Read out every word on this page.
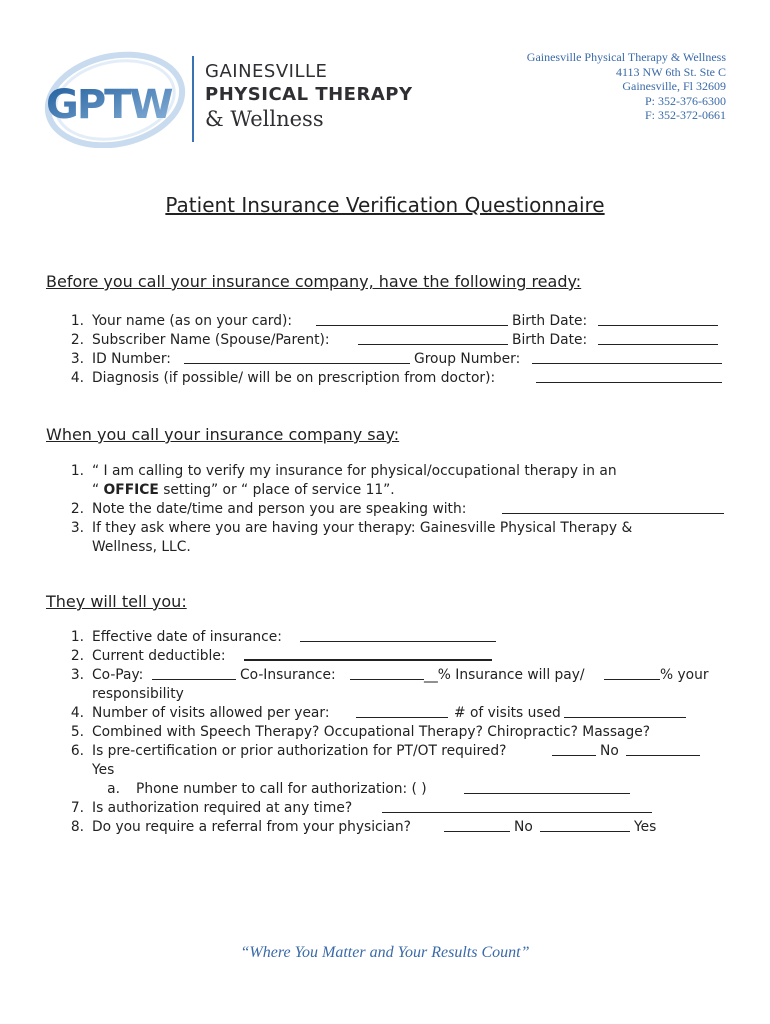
GPTW
GAINESVILLE
PHYSICAL THERAPY
& Wellness
Gainesville Physical Therapy & Wellness
4113 NW 6th St. Ste C
Gainesville, Fl 32609
P: 352-376-6300
F: 352-372-0661
Patient Insurance Verification Questionnaire
Before you call your insurance company, have the following ready:
1. Your name (as on your card):	Birth Date:
2. Subscriber Name (Spouse/Parent):	Birth Date:
3. ID Number:	Group Number:
4. Diagnosis (if possible/ will be on prescription from doctor):
When you call your insurance company say:
1. “ I am calling to verify my insurance for physical/occupational therapy in an
“ OFFICE setting” or “ place of service 11”.
2. Note the date/time and person you are speaking with:
3. If they ask where you are having your therapy: Gainesville Physical Therapy &
Wellness, LLC.
They will tell you:
1. Effective date of insurance:
2. Current deductible:
3. Co-Pay:	Co-Insurance:	__% Insurance will pay/	% your
responsibility
4. Number of visits allowed per year:	# of visits used
5. Combined with Speech Therapy? Occupational Therapy? Chiropractic? Massage?
6. Is pre-certification or prior authorization for PT/OT required?	No
Yes
a. Phone number to call for authorization: ( )
7. Is authorization required at any time?
8. Do you require a referral from your physician?	No	Yes
“Where You Matter and Your Results Count”
